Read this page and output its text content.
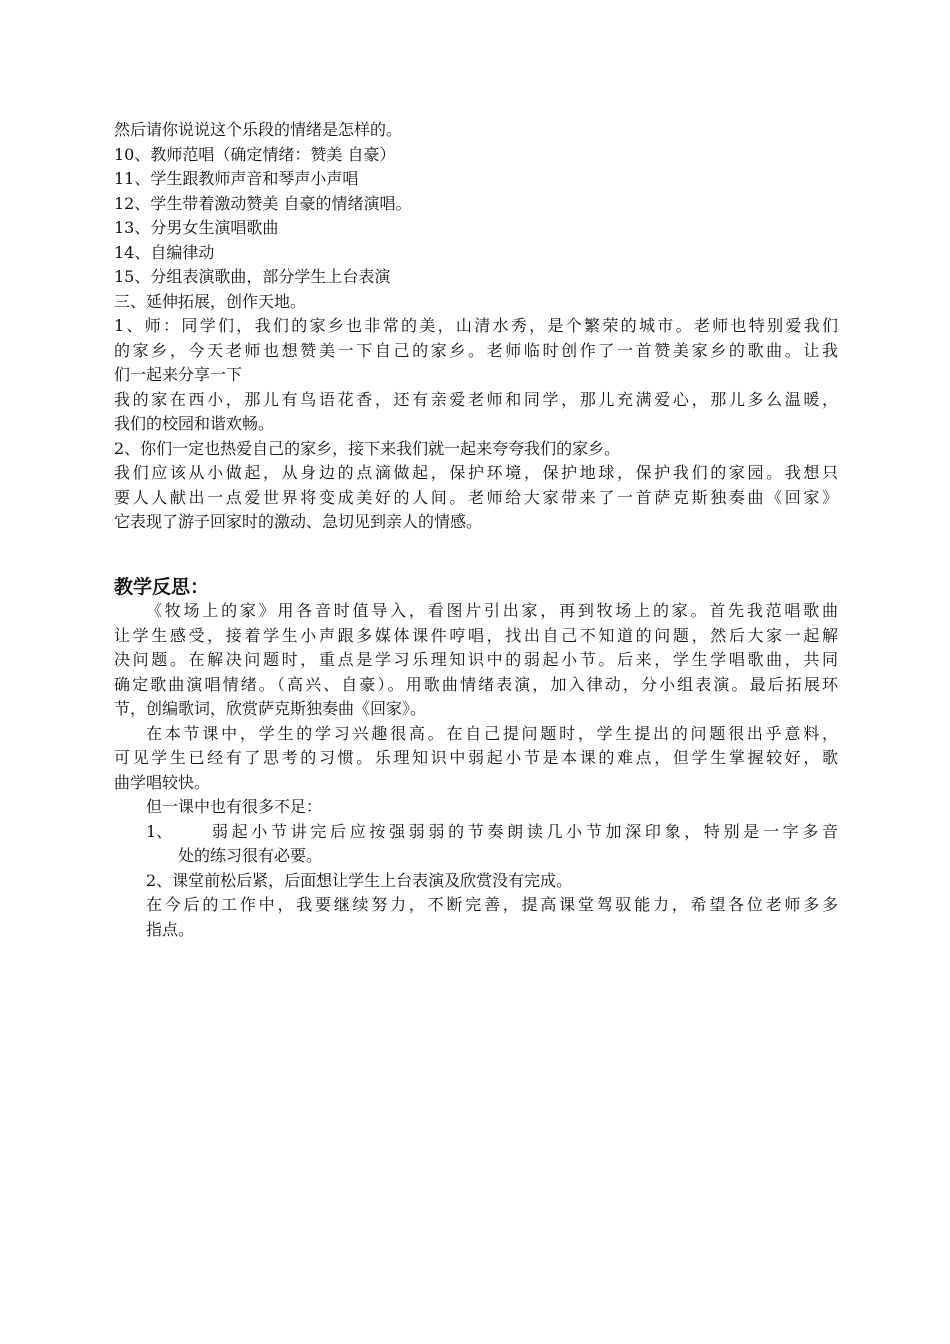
然后请你说说这个乐段的情绪是怎样的。
10、教师范唱（确定情绪：赞美 自豪）
11、学生跟教师声音和琴声小声唱
12、学生带着激动赞美 自豪的情绪演唱。
13、分男女生演唱歌曲
14、自编律动
15、分组表演歌曲，部分学生上台表演
三、延伸拓展，创作天地。
1、师：同学们，我们的家乡也非常的美，山清水秀，是个繁荣的城市。老师也特别爱我们
的家乡，今天老师也想赞美一下自己的家乡。老师临时创作了一首赞美家乡的歌曲。让我
们一起来分享一下
我的家在西小，那儿有鸟语花香，还有亲爱老师和同学，那儿充满爱心，那儿多么温暖，
我们的校园和谐欢畅。
2、你们一定也热爱自己的家乡，接下来我们就一起来夸夸我们的家乡。
我们应该从小做起，从身边的点滴做起，保护环境，保护地球，保护我们的家园。我想只
要人人献出一点爱世界将变成美好的人间。老师给大家带来了一首萨克斯独奏曲《回家》
它表现了游子回家时的激动、急切见到亲人的情感。
教学反思：
《牧场上的家》用各音时值导入，看图片引出家，再到牧场上的家。首先我范唱歌曲
让学生感受，接着学生小声跟多媒体课件哼唱，找出自己不知道的问题，然后大家一起解
决问题。在解决问题时，重点是学习乐理知识中的弱起小节。后来，学生学唱歌曲，共同
确定歌曲演唱情绪。（高兴、自豪）。用歌曲情绪表演，加入律动，分小组表演。最后拓展环
节，创编歌词，欣赏萨克斯独奏曲《回家》。
在本节课中，学生的学习兴趣很高。在自己提问题时，学生提出的问题很出乎意料，
可见学生已经有了思考的习惯。乐理知识中弱起小节是本课的难点，但学生掌握较好，歌
曲学唱较快。
但一课中也有很多不足：
1、	弱起小节讲完后应按强弱弱的节奏朗读几小节加深印象，特别是一字多音
处的练习很有必要。
2、课堂前松后紧，后面想让学生上台表演及欣赏没有完成。
在今后的工作中，我要继续努力，不断完善，提高课堂驾驭能力，希望各位老师多多
指点。
